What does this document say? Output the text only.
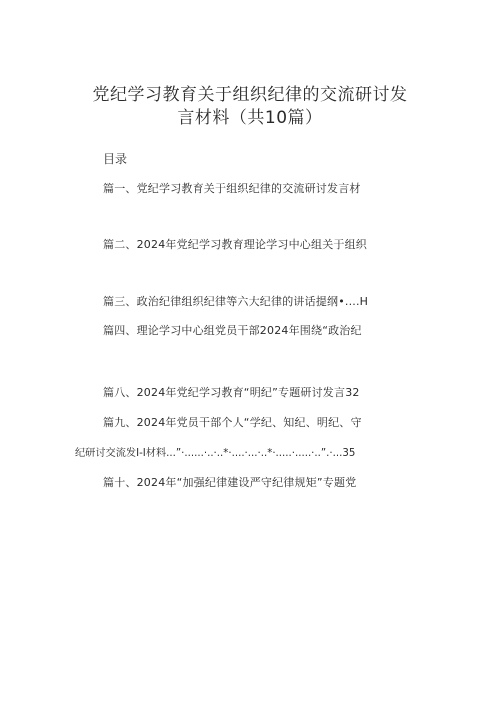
党纪学习教育关于组织纪律的交流研讨发
言材料（共10篇）
目录
篇一、党纪学习教育关于组织纪律的交流研讨发言材
篇二、2024年党纪学习教育理论学习中心组关于组织
篇三、政治纪律组织纪律等六大纪律的讲话提纲•....H
篇四、理论学习中心组党员干部2024年围绕“政治纪
篇八、2024年党纪学习教育“明纪”专题研讨发言32
篇九、2024年党员干部个人“学纪、知纪、明纪、守
纪研讨交流发I-I材料...”·......·..·..*·....·...·..*·.....·.....·..”.·...35
篇十、2024年“加强纪律建设严守纪律规矩”专题党
